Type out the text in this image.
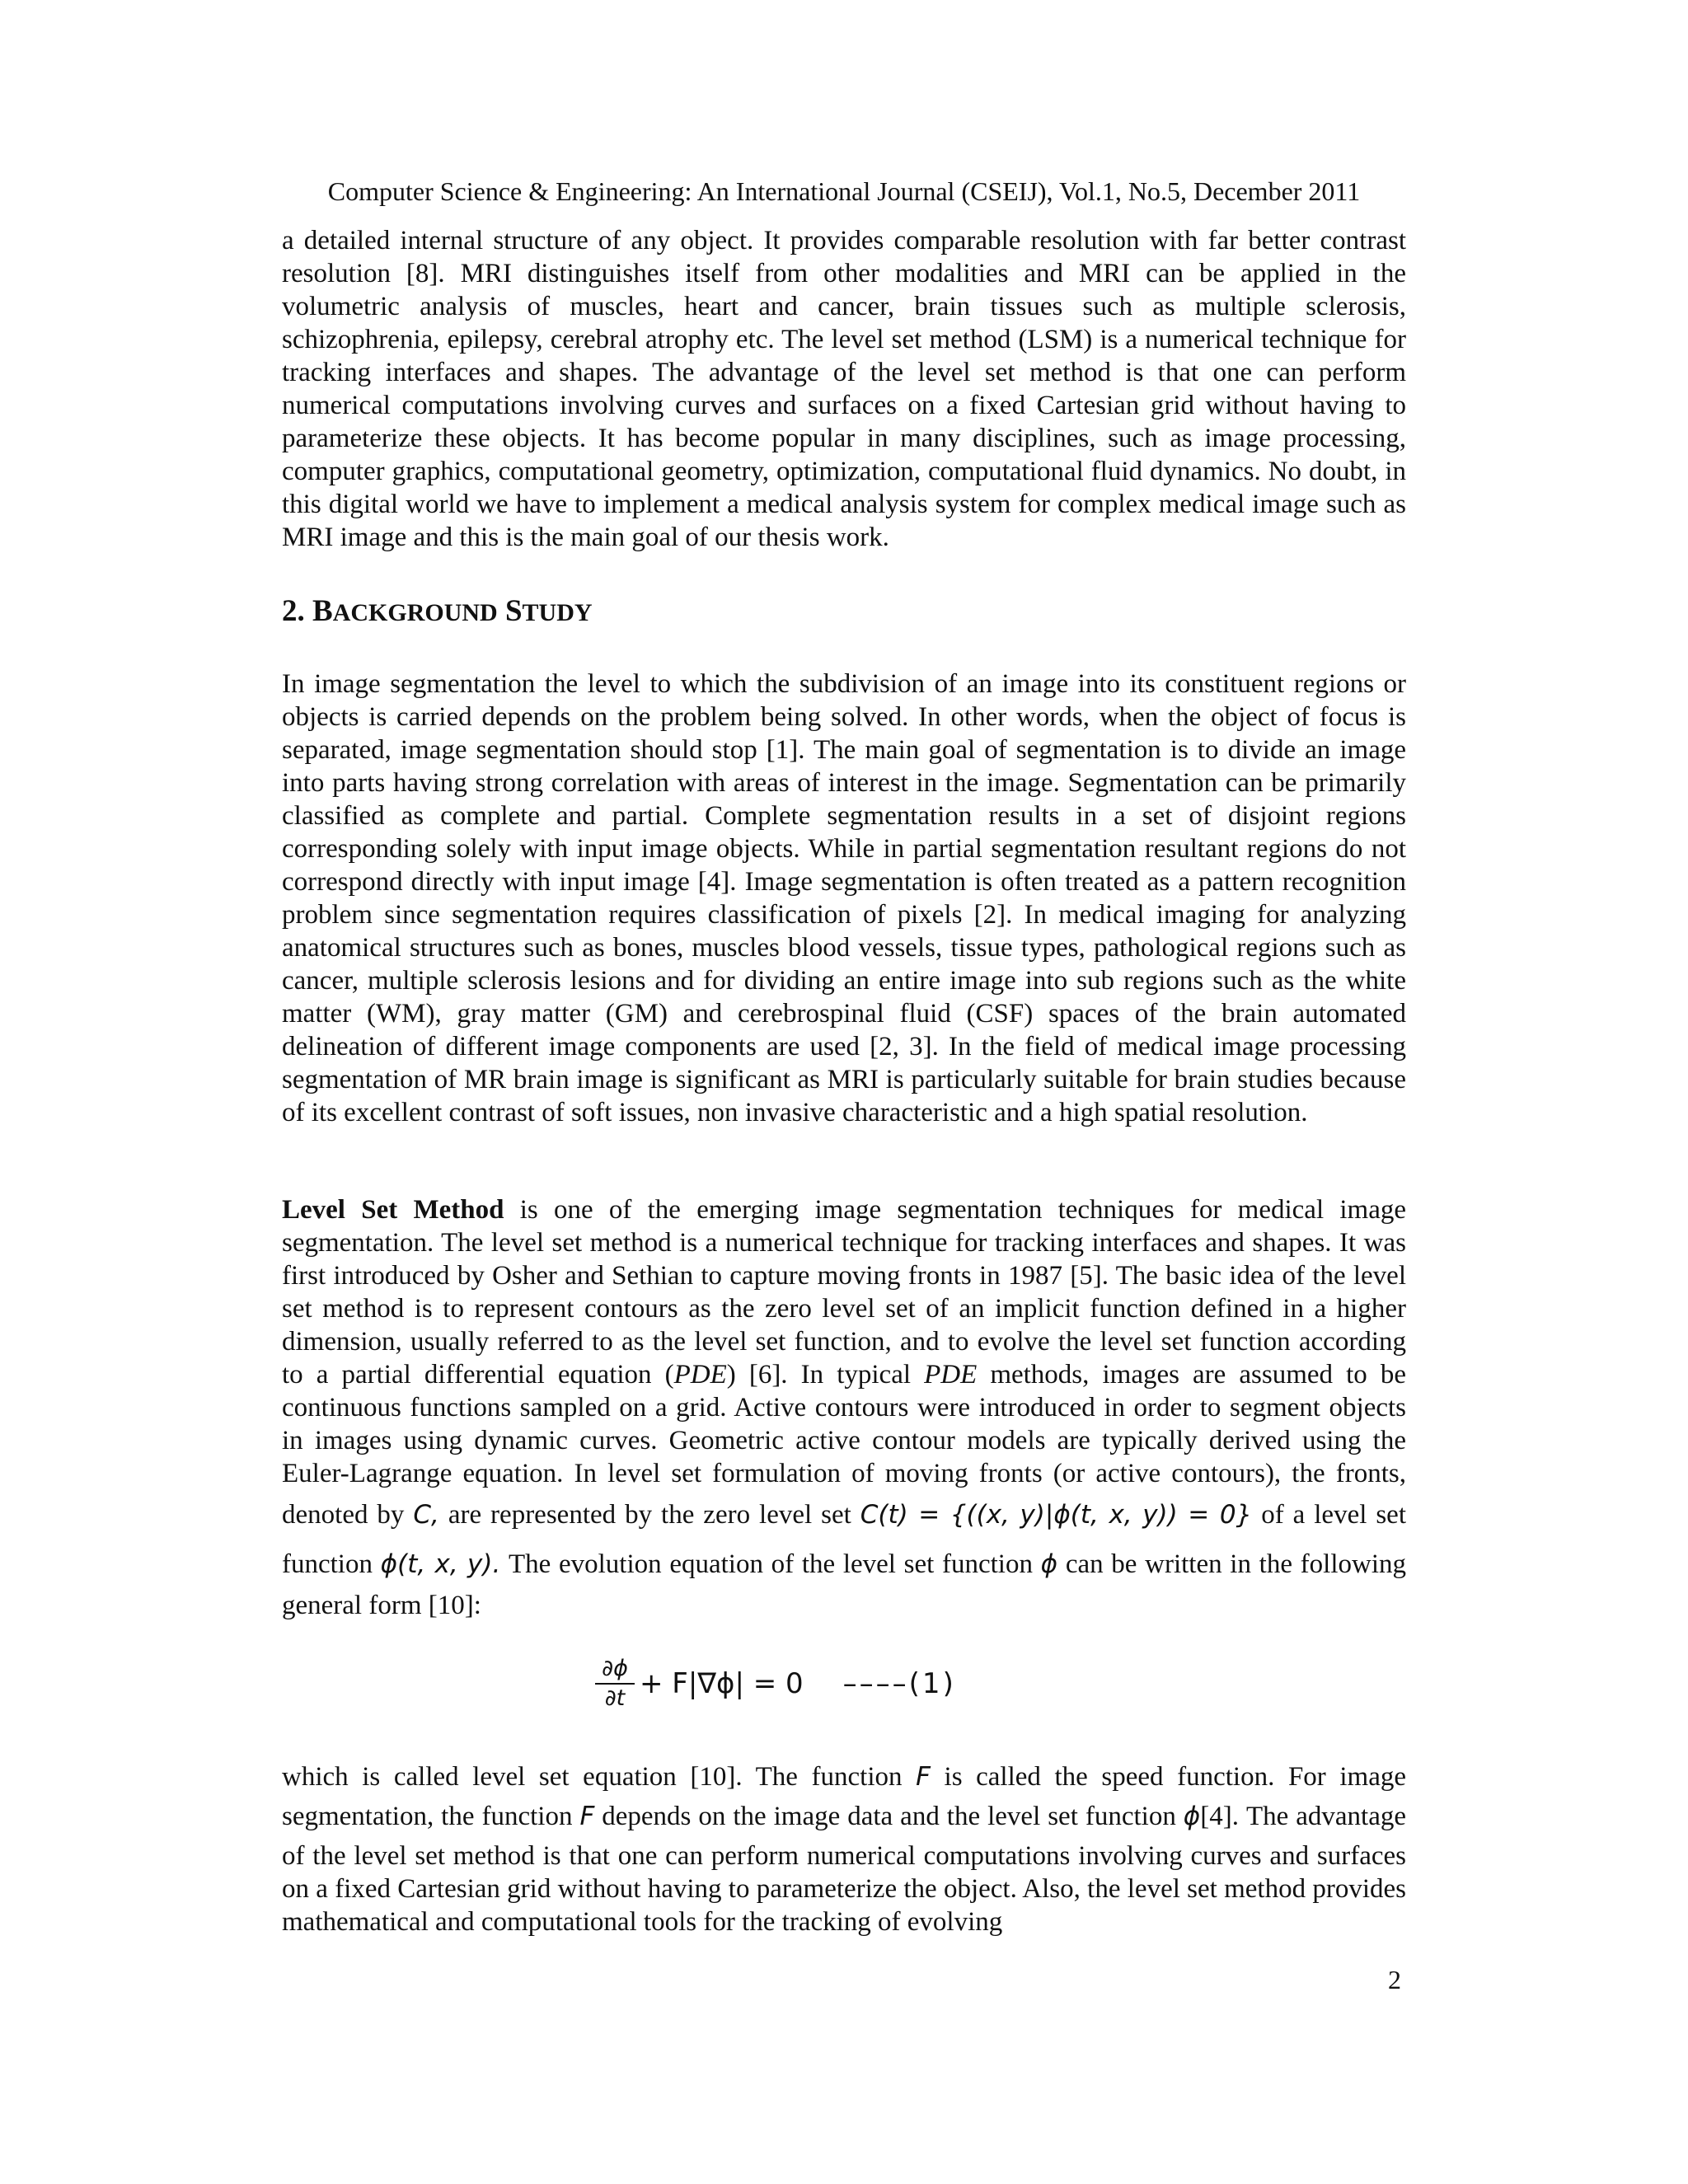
Computer Science & Engineering: An International Journal (CSEIJ), Vol.1, No.5, December 2011

a detailed internal structure of any object. It provides comparable resolution with far better contrast resolution [8]. MRI distinguishes itself from other modalities and MRI can be applied in the volumetric analysis of muscles, heart and cancer, brain tissues such as multiple sclerosis, schizophrenia, epilepsy, cerebral atrophy etc. The level set method (LSM) is a numerical technique for tracking interfaces and shapes. The advantage of the level set method is that one can perform numerical computations involving curves and surfaces on a fixed Cartesian grid without having to parameterize these objects. It has become popular in many disciplines, such as image processing, computer graphics, computational geometry, optimization, computational fluid dynamics. No doubt, in this digital world we have to implement a medical analysis system for complex medical image such as MRI image and this is the main goal of our thesis work.

2. BACKGROUND STUDY

In image segmentation the level to which the subdivision of an image into its constituent regions or objects is carried depends on the problem being solved. In other words, when the object of focus is separated, image segmentation should stop [1]. The main goal of segmentation is to divide an image into parts having strong correlation with areas of interest in the image. Segmentation can be primarily classified as complete and partial. Complete segmentation results in a set of disjoint regions corresponding solely with input image objects. While in partial segmentation resultant regions do not correspond directly with input image [4]. Image segmentation is often treated as a pattern recognition problem since segmentation requires classification of pixels [2]. In medical imaging for analyzing anatomical structures such as bones, muscles blood vessels, tissue types, pathological regions such as cancer, multiple sclerosis lesions and for dividing an entire image into sub regions such as the white matter (WM), gray matter (GM) and cerebrospinal fluid (CSF) spaces of the brain automated delineation of different image components are used [2, 3]. In the field of medical image processing segmentation of MR brain image is significant as MRI is particularly suitable for brain studies because of its excellent contrast of soft issues, non invasive characteristic and a high spatial resolution.

Level Set Method is one of the emerging image segmentation techniques for medical image segmentation. The level set method is a numerical technique for tracking interfaces and shapes. It was first introduced by Osher and Sethian to capture moving fronts in 1987 [5]. The basic idea of the level set method is to represent contours as the zero level set of an implicit function defined in a higher dimension, usually referred to as the level set function, and to evolve the level set function according to a partial differential equation (PDE) [6]. In typical PDE methods, images are assumed to be continuous functions sampled on a grid. Active contours were introduced in order to segment objects in images using dynamic curves. Geometric active contour models are typically derived using the Euler-Lagrange equation. In level set formulation of moving fronts (or active contours), the fronts, denoted by C, are represented by the zero level set C(t) = {((x, y)|ϕ(t, x, y)) = 0} of a level set function ϕ(t, x, y). The evolution equation of the level set function ϕ can be written in the following general form [10]:

$\frac{\partial\phi}{\partial t} + F|\nabla\phi| = 0$ ––––(1)

which is called level set equation [10]. The function F is called the speed function. For image segmentation, the function F depends on the image data and the level set function ϕ[4]. The advantage of the level set method is that one can perform numerical computations involving curves and surfaces on a fixed Cartesian grid without having to parameterize the object. Also, the level set method provides mathematical and computational tools for the tracking of evolving

2
